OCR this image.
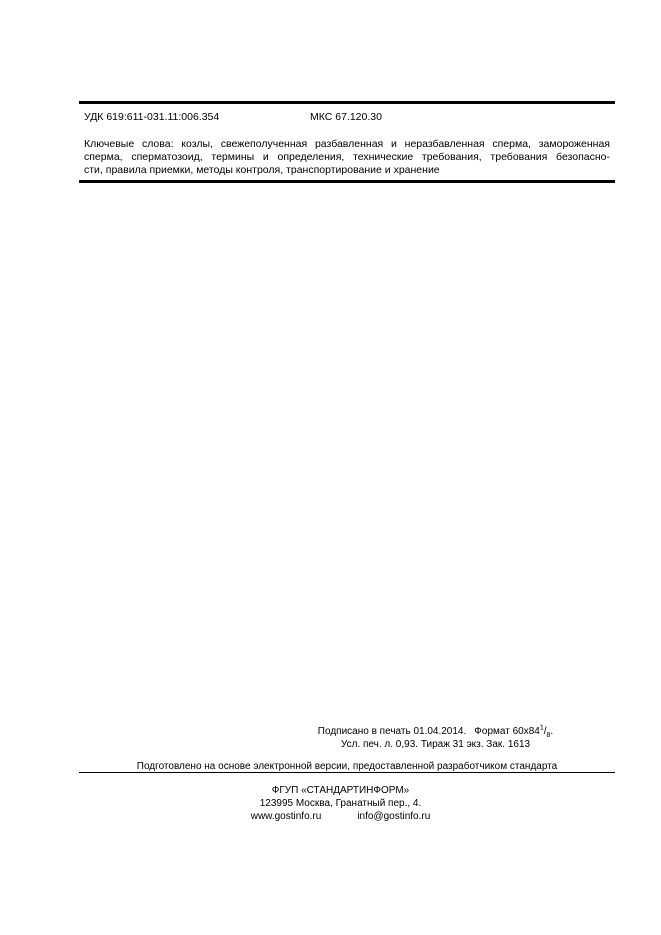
УДК 619:611-031.11:006.354	МКС 67.120.30
Ключевые слова: козлы, свежеполученная разбавленная и неразбавленная сперма, замороженная
сперма, сперматозоид, термины и определения, технические требования, требования безопасно-
сти, правила приемки, методы контроля, транспортирование и хранение
Подписано в печать 01.04.2014. Формат $60x84^1/_8$.
Усл. печ. л. 0,93. Тираж 31 экз. Зак. 1613
Подготовлено на основе электронной версии, предоставленной разработчиком стандарта
ФГУП «СТАНДАРТИНФОРМ»
123995 Москва, Гранатный пер., 4.
www.gostinfo.ru	info@gostinfo.ru
